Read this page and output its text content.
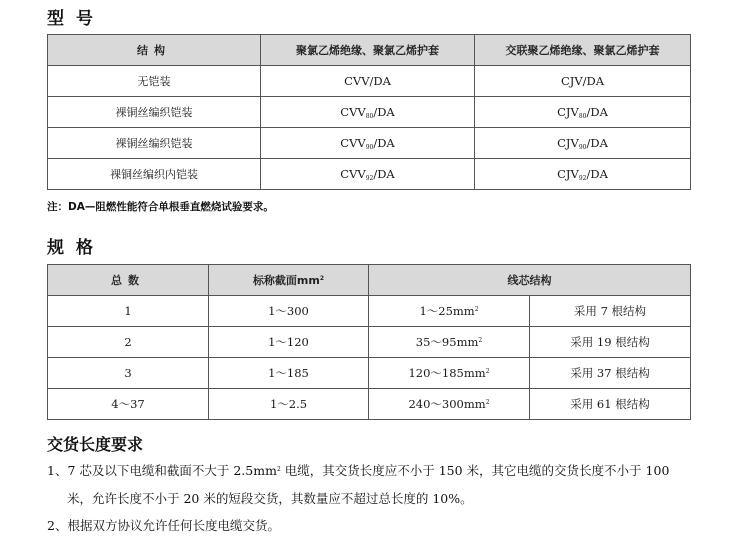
型号
结构	聚氯乙烯绝缘、聚氯乙烯护套	交联聚乙烯绝缘、聚氯乙烯护套
无铠装	CVV/DA	CJV/DA
裸铜丝编织铠装	$CVV_{80}/DA$	$CJV_{80}/DA$
裸铜丝编织铠装	$CVV_{90}/DA$	$CJV_{90}/DA$
裸铜丝编织内铠装	$CVV_{92}/DA$	$CJV_{92}/DA$
注：DA—阻燃性能符合单根垂直燃烧试验要求。
规格
总数	标称截面$mm^2$	线芯结构	
1	1～300	$1\sim 25mm^2$	采用 7 根结构
2	1～120	$35\sim 95mm^2$	采用 19 根结构
3	1～185	$120\sim 185mm^2$	采用 37 根结构
4～37	1～2.5	$240\sim 300mm^2$	采用 61 根结构
交货长度要求
1、7 芯及以下电缆和截面不大于 $2.5mm^2$ 电缆，其交货长度应不小于 150 米，其它电缆的交货长度不小于 100
米，允许长度不小于 20 米的短段交货，其数量应不超过总长度的 10%。
2、根据双方协议允许任何长度电缆交货。
